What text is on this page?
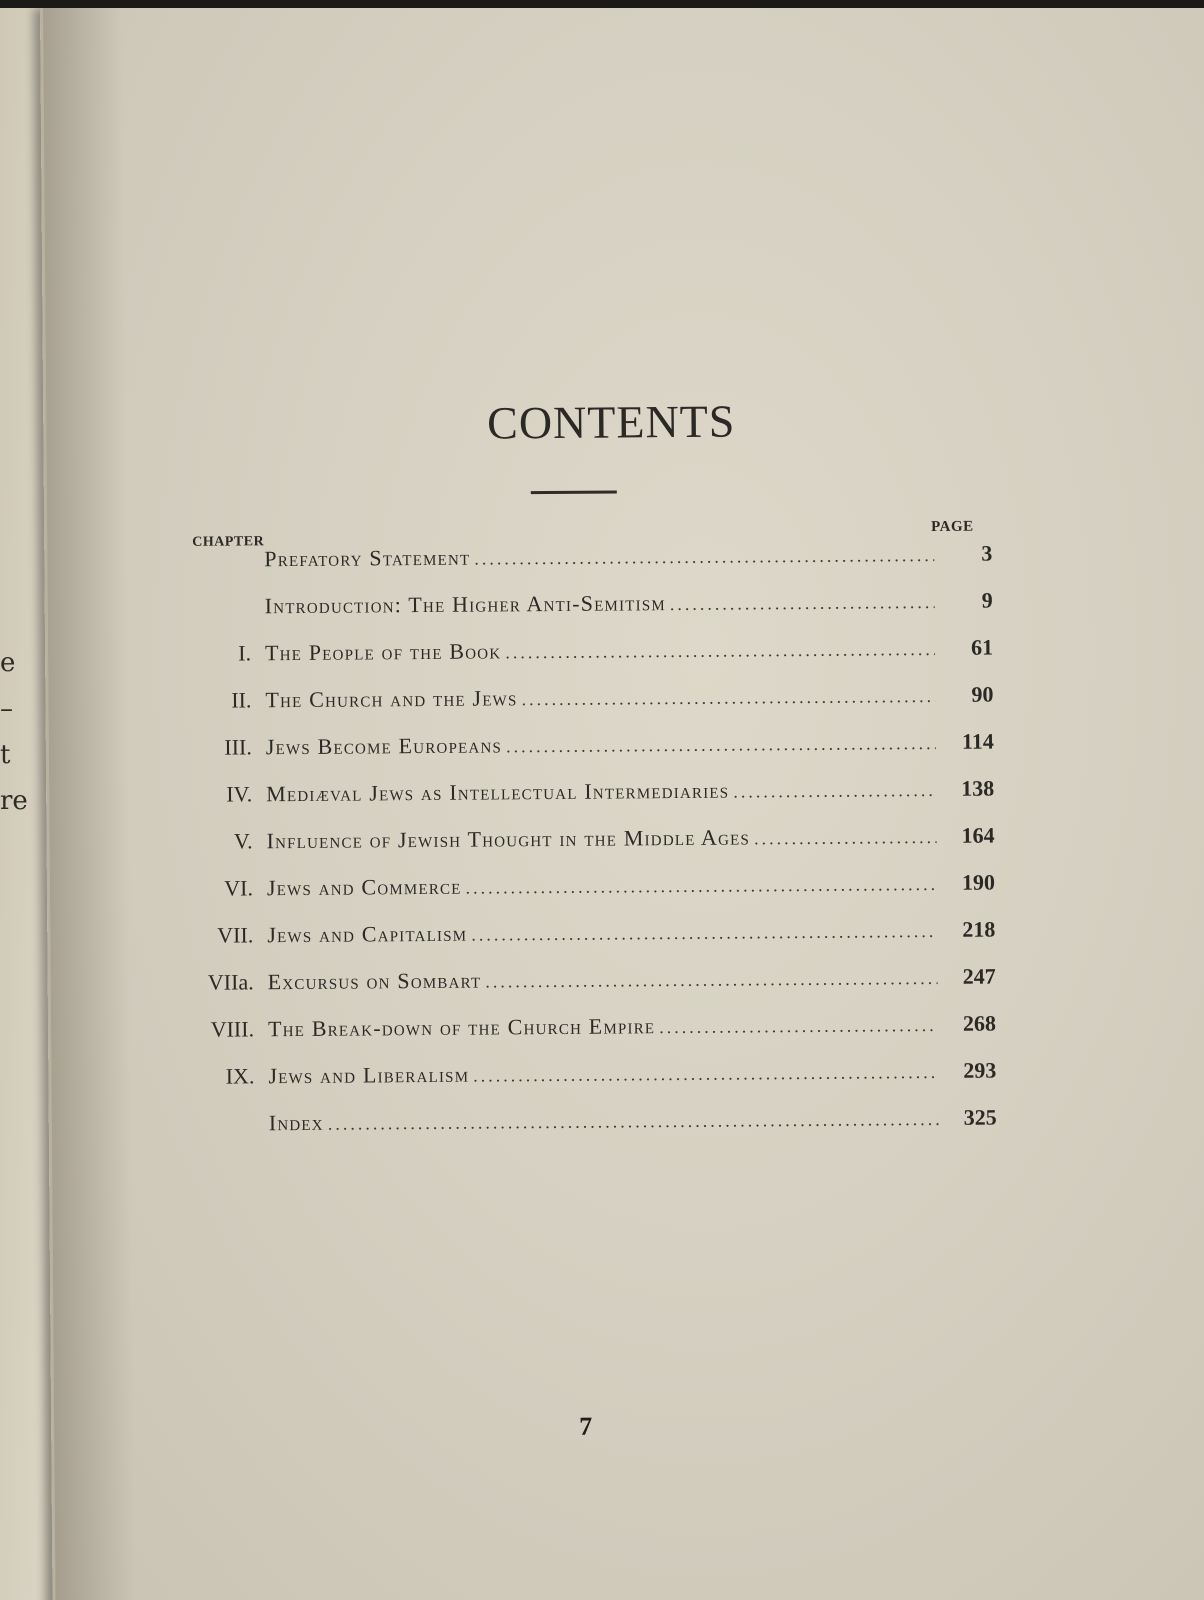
e
–
t
re
CONTENTS
CHAPTER
PAGE
Prefatory Statement .....	3
Introduction: The Higher Anti-Semitism .....	9
I. The People of the Book .....	61
II. The Church and the Jews .....	90
III. Jews Become Europeans .....	114
IV. Mediæval Jews as Intellectual Intermediaries .....	138
V. Influence of Jewish Thought in the Middle Ages .....	164
VI. Jews and Commerce .....	190
VII. Jews and Capitalism .....	218
VIIa. Excursus on Sombart .....	247
VIII. The Break-down of the Church Empire .....	268
IX. Jews and Liberalism .....	293
Index .....	325
7
